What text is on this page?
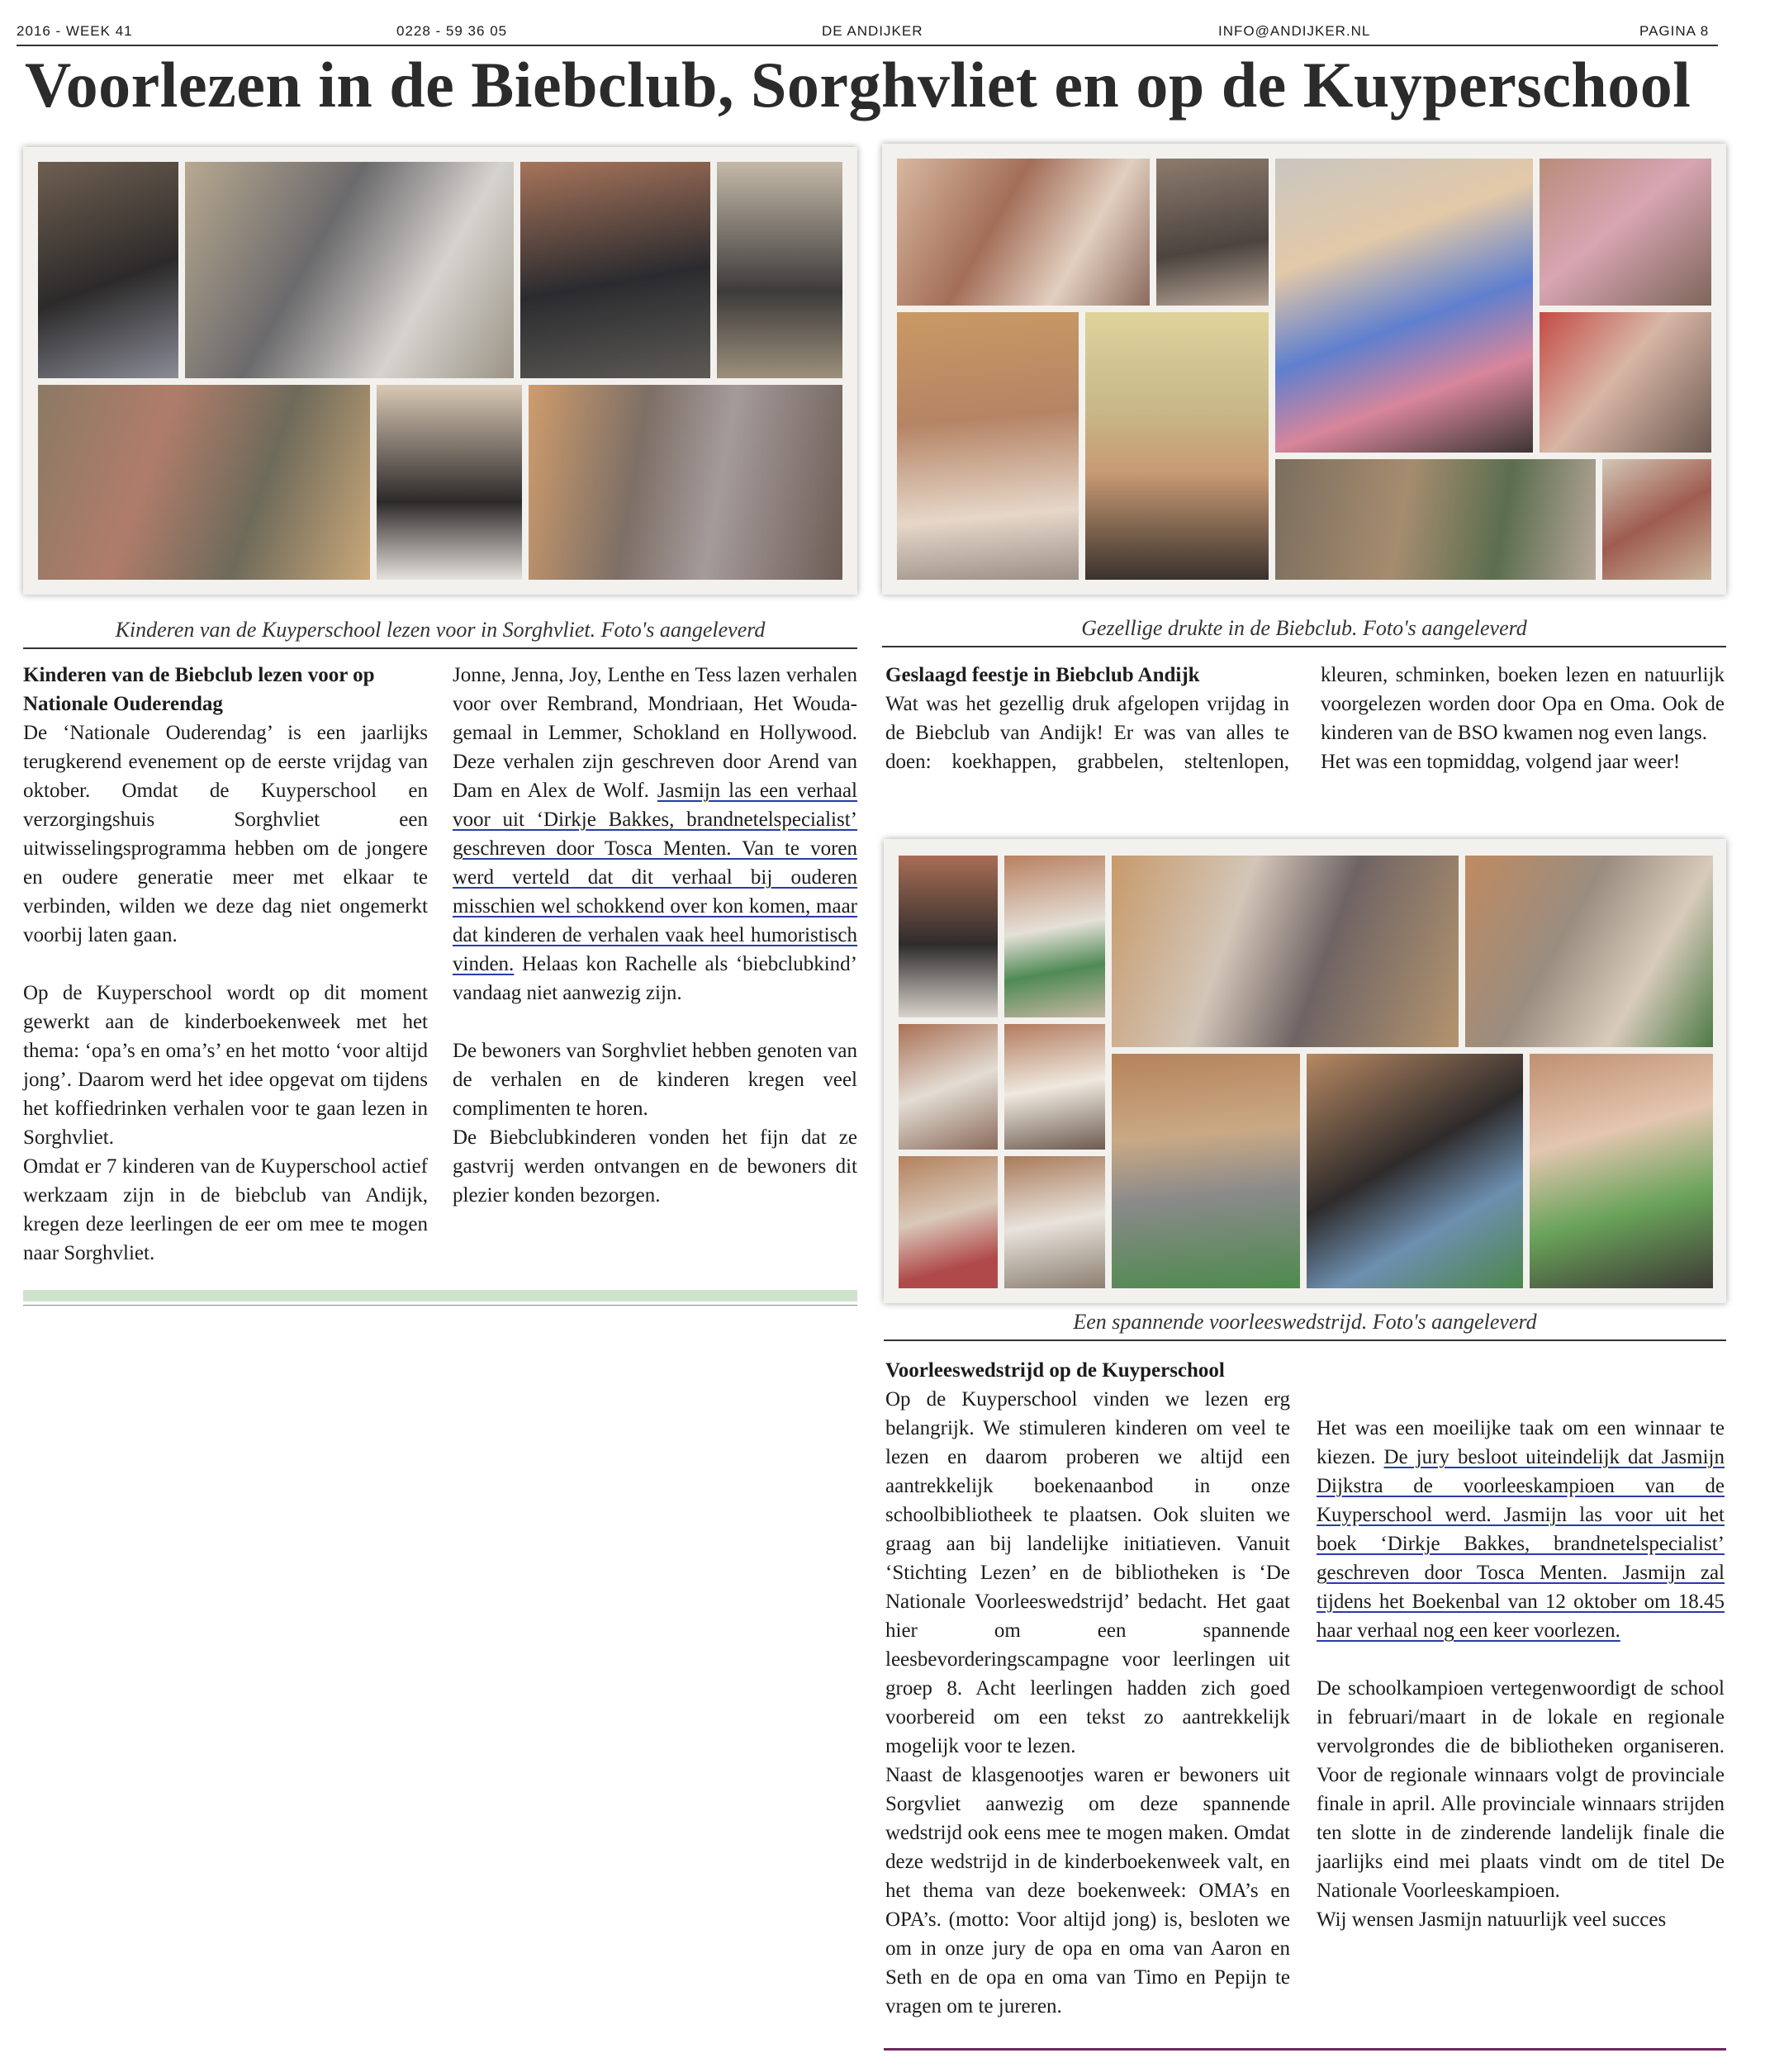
2016 - WEEK 41	0228 - 59 36 05	DE ANDIJKER	INFO@ANDIJKER.NL	PAGINA 8
Voorlezen in de Biebclub, Sorghvliet en op de Kuyperschool
Kinderen van de Kuyperschool lezen voor in Sorghvliet. Foto's aangeleverd	Gezellige drukte in de Biebclub. Foto's aangeleverd
Kinderen van de Biebclub lezen voor op Nationale Ouderendag

De ‘Nationale Ouderendag’ is een jaarlijks terugkerend evenement op de eerste vrijdag van oktober. Omdat de Kuyperschool en verzorgingshuis Sorghvliet een uitwisselingsprogramma hebben om de jongere en oudere generatie meer met elkaar te verbinden, wilden we deze dag niet ongemerkt voorbij laten gaan.

Op de Kuyperschool wordt op dit moment gewerkt aan de kinderboekenweek met het thema: ‘opa’s en oma’s’ en het motto ‘voor altijd jong’. Daarom werd het idee opgevat om tijdens het koffiedrinken verhalen voor te gaan lezen in Sorghvliet.

Omdat er 7 kinderen van de Kuyperschool actief werkzaam zijn in de biebclub van Andijk, kregen deze leerlingen de eer om mee te mogen naar Sorghvliet.

Jonne, Jenna, Joy, Lenthe en Tess lazen verhalen voor over Rembrand, Mondriaan, Het Wouda-gemaal in Lemmer, Schokland en Hollywood. Deze verhalen zijn geschreven door Arend van Dam en Alex de Wolf. Jasmijn las een verhaal voor uit ‘Dirkje Bakkes, brandnetelspecialist’ geschreven door Tosca Menten. Van te voren werd verteld dat dit verhaal bij ouderen misschien wel schokkend over kon komen, maar dat kinderen de verhalen vaak heel humoristisch vinden. Helaas kon Rachelle als ‘biebclubkind’ vandaag niet aanwezig zijn.

De bewoners van Sorghvliet hebben genoten van de verhalen en de kinderen kregen veel complimenten te horen.

De Biebclubkinderen vonden het fijn dat ze gastvrij werden ontvangen en de bewoners dit plezier konden bezorgen.

Geslaagd feestje in Biebclub Andijk

Wat was het gezellig druk afgelopen vrijdag in de Biebclub van Andijk! Er was van alles te doen: koekhappen, grabbelen, steltenlopen, kleuren, schminken, boeken lezen en natuurlijk voorgelezen worden door Opa en Oma. Ook de kinderen van de BSO kwamen nog even langs.

Het was een topmiddag, volgend jaar weer!

Een spannende voorleeswedstrijd. Foto's aangeleverd
Voorleeswedstrijd op de Kuyperschool

Op de Kuyperschool vinden we lezen erg belangrijk. We stimuleren kinderen om veel te lezen en daarom proberen we altijd een aantrekkelijk boekenaanbod in onze schoolbibliotheek te plaatsen. Ook sluiten we graag aan bij landelijke initiatieven. Vanuit ‘Stichting Lezen’ en de bibliotheken is ‘De Nationale Voorleeswedstrijd’ bedacht. Het gaat hier om een spannende leesbevorderingscampagne voor leerlingen uit groep 8. Acht leerlingen hadden zich goed voorbereid om een tekst zo aantrekkelijk mogelijk voor te lezen.

Naast de klasgenootjes waren er bewoners uit Sorgvliet aanwezig om deze spannende wedstrijd ook eens mee te mogen maken. Omdat deze wedstrijd in de kinderboekenweek valt, en het thema van deze boekenweek: OMA’s en OPA’s. (motto: Voor altijd jong) is, besloten we om in onze jury de opa en oma van Aaron en Seth en de opa en oma van Timo en Pepijn te vragen om te jureren.

Het was een moeilijke taak om een winnaar te kiezen. De jury besloot uiteindelijk dat Jasmijn Dijkstra de voorleeskampioen van de Kuyperschool werd. Jasmijn las voor uit het boek ‘Dirkje Bakkes, brandnetelspecialist’ geschreven door Tosca Menten. Jasmijn zal tijdens het Boekenbal van 12 oktober om 18.45 haar verhaal nog een keer voorlezen.

De schoolkampioen vertegenwoordigt de school in februari/maart in de lokale en regionale vervolgrondes die de bibliotheken organiseren. Voor de regionale winnaars volgt de provinciale finale in april. Alle provinciale winnaars strijden ten slotte in de zinderende landelijk finale die jaarlijks eind mei plaats vindt om de titel De Nationale Voorleeskampioen.

Wij wensen Jasmijn natuurlijk veel succes
